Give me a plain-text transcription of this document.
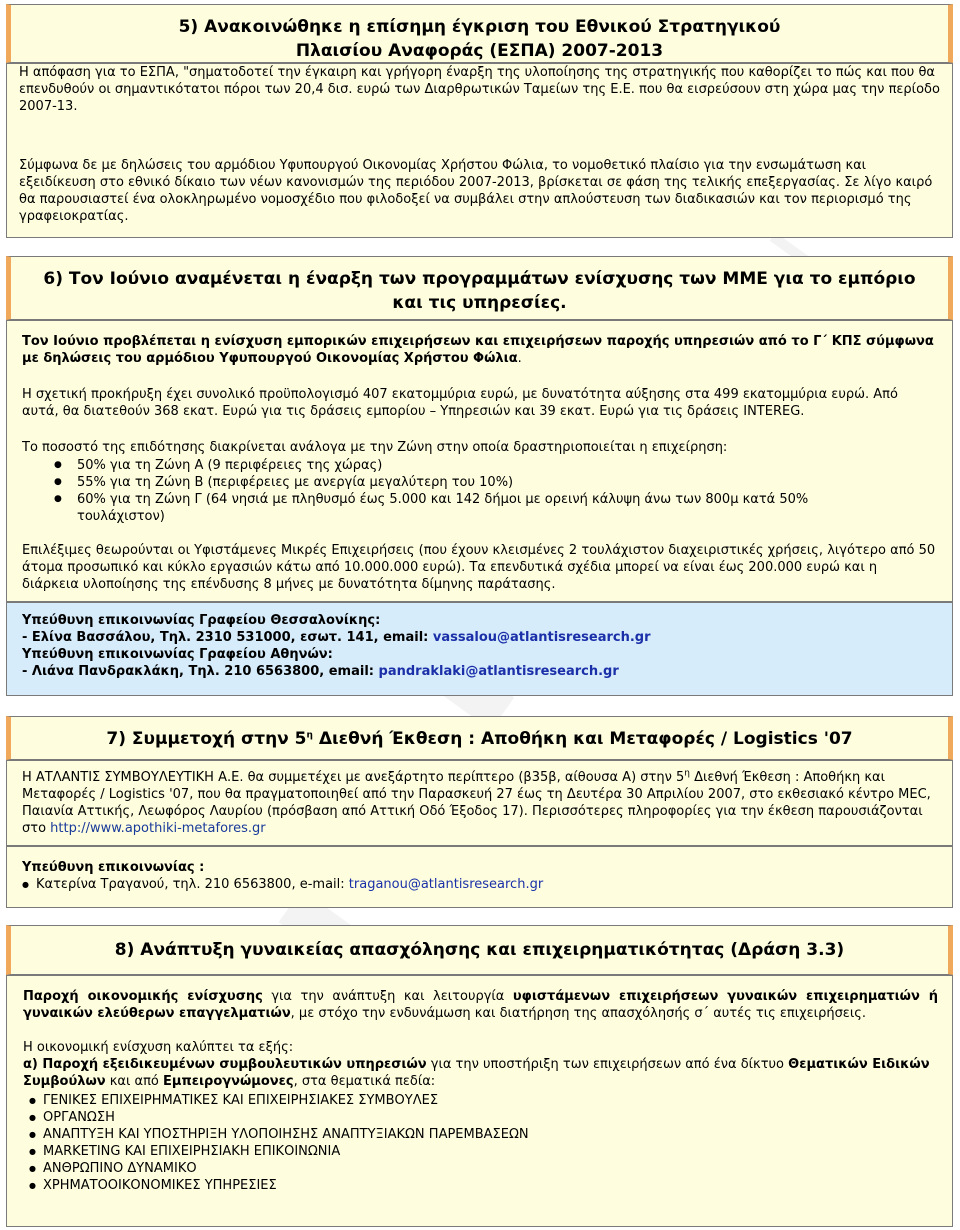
5) Ανακοινώθηκε η επίσημη έγκριση του Εθνικού Στρατηγικού Πλαισίου Αναφοράς (ΕΣΠΑ) 2007-2013

Η απόφαση για το ΕΣΠΑ, "σηματοδοτεί την έγκαιρη και γρήγορη έναρξη της υλοποίησης της στρατηγικής που καθορίζει το πώς και που θα επενδυθούν οι σημαντικότατοι πόροι των 20,4 δισ. ευρώ των Διαρθρωτικών Ταμείων της Ε.Ε. που θα εισρεύσουν στη χώρα μας την περίοδο 2007-13.

Σύμφωνα δε με δηλώσεις του αρμόδιου Υφυπουργού Οικονομίας Χρήστου Φώλια, το νομοθετικό πλαίσιο για την ενσωμάτωση και εξειδίκευση στο εθνικό δίκαιο των νέων κανονισμών της περιόδου 2007-2013, βρίσκεται σε φάση της τελικής επεξεργασίας. Σε λίγο καιρό θα παρουσιαστεί ένα ολοκληρωμένο νομοσχέδιο που φιλοδοξεί να συμβάλει στην απλούστευση των διαδικασιών και τον περιορισμό της γραφειοκρατίας.

6) Τον Ιούνιο αναμένεται η έναρξη των προγραμμάτων ενίσχυσης των ΜΜΕ για το εμπόριο και τις υπηρεσίες.

Τον Ιούνιο προβλέπεται η ενίσχυση εμπορικών επιχειρήσεων και επιχειρήσεων παροχής υπηρεσιών από το Γ΄ ΚΠΣ σύμφωνα με δηλώσεις του αρμόδιου Υφυπουργού Οικονομίας Χρήστου Φώλια.

Η σχετική προκήρυξη έχει συνολικό προϋπολογισμό 407 εκατομμύρια ευρώ, με δυνατότητα αύξησης στα 499 εκατομμύρια ευρώ. Από αυτά, θα διατεθούν 368 εκατ. Ευρώ για τις δράσεις εμπορίου – Υπηρεσιών και 39 εκατ. Ευρώ για τις δράσεις INTEREG.

Το ποσοστό της επιδότησης διακρίνεται ανάλογα με την Ζώνη στην οποία δραστηριοποιείται η επιχείρηση:

● 50% για τη Ζώνη Α (9 περιφέρειες της χώρας)
● 55% για τη Ζώνη Β (περιφέρειες με ανεργία μεγαλύτερη του 10%)
● 60% για τη Ζώνη Γ (64 νησιά με πληθυσμό έως 5.000 και 142 δήμοι με ορεινή κάλυψη άνω των 800μ κατά 50% τουλάχιστον)

Επιλέξιμες θεωρούνται οι Υφιστάμενες Μικρές Επιχειρήσεις (που έχουν κλεισμένες 2 τουλάχιστον διαχειριστικές χρήσεις, λιγότερο από 50 άτομα προσωπικό και κύκλο εργασιών κάτω από 10.000.000 ευρώ). Τα επενδυτικά σχέδια μπορεί να είναι έως 200.000 ευρώ και η διάρκεια υλοποίησης της επένδυσης 8 μήνες με δυνατότητα δίμηνης παράτασης.

Υπεύθυνη επικοινωνίας Γραφείου Θεσσαλονίκης:

- Ελίνα Βασσάλου, Τηλ. 2310 531000, εσωτ. 141, email: vassalou@atlantisresearch.gr

Υπεύθυνη επικοινωνίας Γραφείου Αθηνών:

- Λιάνα Πανδρακλάκη, Τηλ. 210 6563800, email: pandraklaki@atlantisresearch.gr

7) Συμμετοχή στην $5^\eta$ Διεθνή Έκθεση : Αποθήκη και Μεταφορές / Logistics '07

Η ΑΤΛΑΝΤΙΣ ΣΥΜΒΟΥΛΕΥΤΙΚΗ Α.Ε. θα συμμετέχει με ανεξάρτητο περίπτερο (β35β, αίθουσα Α) στην $5^\eta$ Διεθνή Έκθεση : Αποθήκη και Μεταφορές / Logistics '07, που θα πραγματοποιηθεί από την Παρασκευή 27 έως τη Δευτέρα 30 Απριλίου 2007, στο εκθεσιακό κέντρο MEC, Παιανία Αττικής, Λεωφόρος Λαυρίου (πρόσβαση από Αττική Οδό Έξοδος 17). Περισσότερες πληροφορίες για την έκθεση παρουσιάζονται στο http://www.apothiki-metafores.gr

Υπεύθυνη επικοινωνίας :

● Κατερίνα Τραγανού, τηλ. 210 6563800, e-mail: traganou@atlantisresearch.gr
8) Ανάπτυξη γυναικείας απασχόλησης και επιχειρηματικότητας (Δράση 3.3)

Παροχή οικονομικής ενίσχυσης για την ανάπτυξη και λειτουργία υφιστάμενων επιχειρήσεων γυναικών επιχειρηματιών ή γυναικών ελεύθερων επαγγελματιών, με στόχο την ενδυνάμωση και διατήρηση της απασχόλησής σ΄ αυτές τις επιχειρήσεις.

Η οικονομική ενίσχυση καλύπτει τα εξής:

α) Παροχή εξειδικευμένων συμβουλευτικών υπηρεσιών για την υποστήριξη των επιχειρήσεων από ένα δίκτυο Θεματικών Ειδικών Συμβούλων και από Εμπειρογνώμονες, στα θεματικά πεδία:

● ΓΕΝΙΚΕΣ ΕΠΙΧΕΙΡΗΜΑΤΙΚΕΣ ΚΑΙ ΕΠΙΧΕΙΡΗΣΙΑΚΕΣ ΣΥΜΒΟΥΛΕΣ
● ΟΡΓΑΝΩΣΗ
● ΑΝΑΠΤΥΞΗ ΚΑΙ ΥΠΟΣΤΗΡΙΞΗ ΥΛΟΠΟΙΗΣΗΣ ΑΝΑΠΤΥΞΙΑΚΩΝ ΠΑΡΕΜΒΑΣΕΩΝ
● MARKETING ΚΑΙ ΕΠΙΧΕΙΡΗΣΙΑΚΗ ΕΠΙΚΟΙΝΩΝΙΑ
● ΑΝΘΡΩΠΙΝΟ ΔΥΝΑΜΙΚΟ
● ΧΡΗΜΑΤΟΟΙΚΟΝΟΜΙΚΕΣ ΥΠΗΡΕΣΙΕΣ
